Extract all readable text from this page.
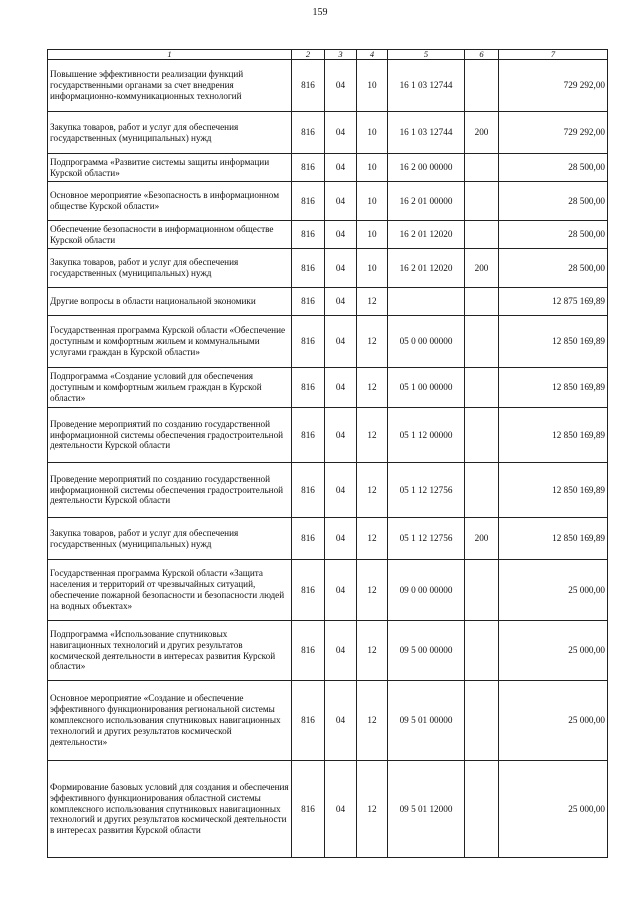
159
1	2	3	4	5	6	7
Повышение эффективности реализации функций государственными органами за счет внедрения информационно-коммуникационных технологий	816	04	10	16 1 03 12744		729 292,00
Закупка товаров, работ и услуг для обеспечения государственных (муниципальных) нужд	816	04	10	16 1 03 12744	200	729 292,00
Подпрограмма «Развитие системы защиты информации Курской области»	816	04	10	16 2 00 00000		28 500,00
Основное мероприятие «Безопасность в информационном обществе Курской области»	816	04	10	16 2 01 00000		28 500,00
Обеспечение безопасности в информационном обществе Курской области	816	04	10	16 2 01 12020		28 500,00
Закупка товаров, работ и услуг для обеспечения государственных (муниципальных) нужд	816	04	10	16 2 01 12020	200	28 500,00
Другие вопросы в области национальной экономики	816	04	12			12 875 169,89
Государственная программа Курской области «Обеспечение доступным и комфортным жильем и коммунальными услугами граждан в Курской области»	816	04	12	05 0 00 00000		12 850 169,89
Подпрограмма «Создание условий для обеспечения доступным и комфортным жильем граждан в Курской области»	816	04	12	05 1 00 00000		12 850 169,89
Проведение мероприятий по созданию государственной информационной системы обеспечения градостроительной деятельности Курской области	816	04	12	05 1 12 00000		12 850 169,89
Проведение мероприятий по созданию государственной информационной системы обеспечения градостроительной деятельности Курской области	816	04	12	05 1 12 12756		12 850 169,89
Закупка товаров, работ и услуг для обеспечения государственных (муниципальных) нужд	816	04	12	05 1 12 12756	200	12 850 169,89
Государственная программа Курской области «Защита населения и территорий от чрезвычайных ситуаций, обеспечение пожарной безопасности и безопасности людей на водных объектах»	816	04	12	09 0 00 00000		25 000,00
Подпрограмма «Использование спутниковых навигационных технологий и других результатов космической деятельности в интересах развития Курской области»	816	04	12	09 5 00 00000		25 000,00
Основное мероприятие «Создание и обеспечение эффективного функционирования региональной системы комплексного использования спутниковых навигационных технологий и других результатов космической деятельности»	816	04	12	09 5 01 00000		25 000,00
Формирование базовых условий для создания и обеспечения эффективного функционирования областной системы комплексного использования спутниковых навигационных технологий и других результатов космической деятельности в интересах развития Курской области	816	04	12	09 5 01 12000		25 000,00
